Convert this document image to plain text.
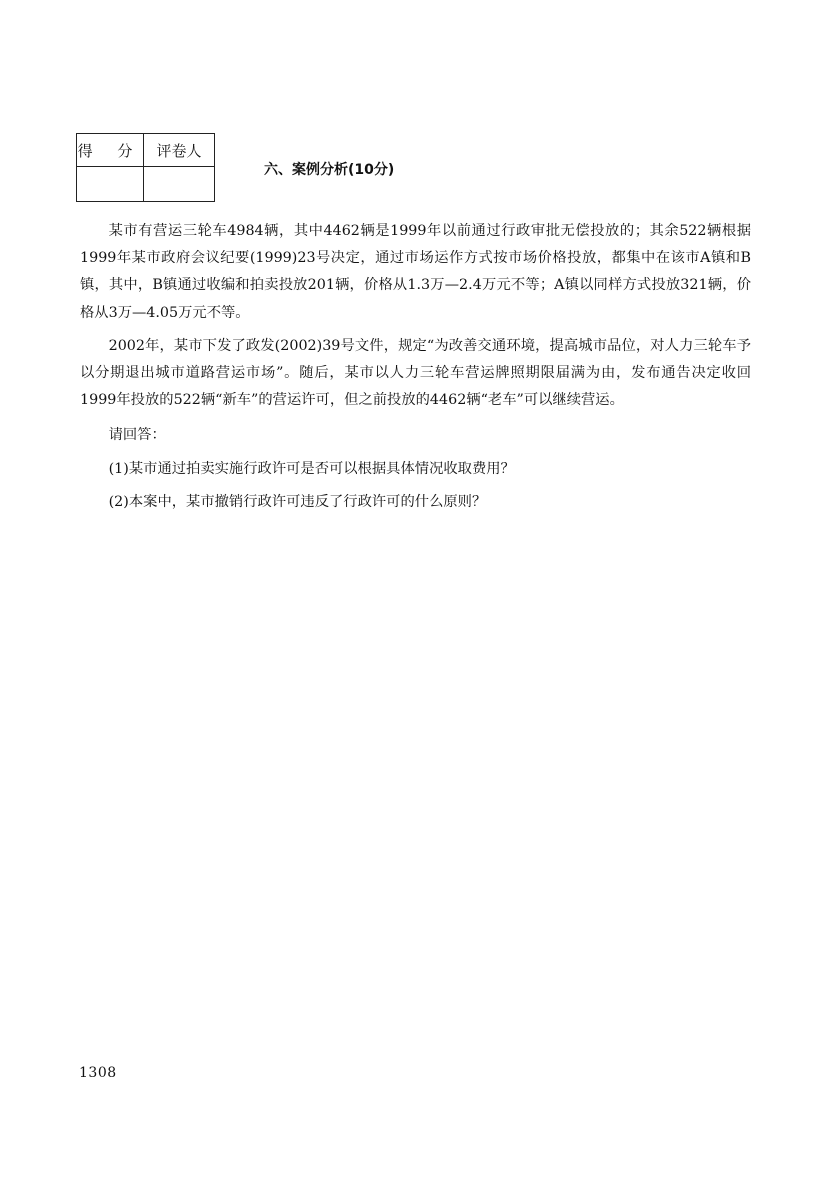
得 分	评卷人

六、案例分析(10分)

某市有营运三轮车4984辆，其中4462辆是1999年以前通过行政审批无偿投放的；其余522辆根据1999年某市政府会议纪要(1999)23号决定，通过市场运作方式按市场价格投放，都集中在该市A镇和B镇，其中，B镇通过收编和拍卖投放201辆，价格从1.3万—2.4万元不等；A镇以同样方式投放321辆，价格从3万—4.05万元不等。

2002年，某市下发了政发(2002)39号文件，规定“为改善交通环境，提高城市品位，对人力三轮车予以分期退出城市道路营运市场”。随后，某市以人力三轮车营运牌照期限届满为由，发布通告决定收回1999年投放的522辆“新车”的营运许可，但之前投放的4462辆“老车”可以继续营运。

请回答：

(1)某市通过拍卖实施行政许可是否可以根据具体情况收取费用？

(2)本案中，某市撤销行政许可违反了行政许可的什么原则？

1308
